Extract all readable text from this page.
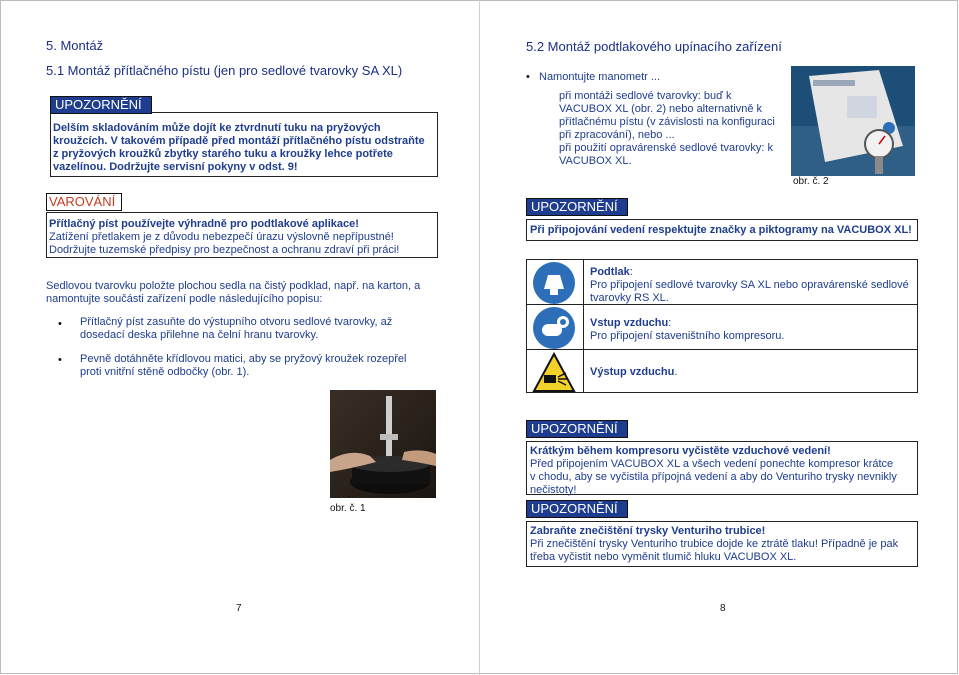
5. Montáž
5.1 Montáž přítlačného pístu (jen pro sedlové tvarovky SA XL)
UPOZORNĚNÍ
Delším skladováním může dojít ke ztvrdnutí tuku na pryžových
kroužcích. V takovém případě před montáží přítlačného pístu odstraňte
z pryžových kroužků zbytky starého tuku a kroužky lehce potřete
vazelínou. Dodržujte servisní pokyny v odst. 9!
VAROVÁNÍ
Přítlačný píst používejte výhradně pro podtlakové aplikace!
Zatížení přetlakem je z důvodu nebezpečí úrazu výslovně nepřípustné!
Dodržujte tuzemské předpisy pro bezpečnost a ochranu zdraví při práci!
Sedlovou tvarovku položte plochou sedla na čistý podklad, např. na karton, a
namontujte součásti zařízení podle následujícího popisu:
• Přítlačný píst zasuňte do výstupního otvoru sedlové tvarovky, až
dosedací deska přilehne na čelní hranu tvarovky.
• Pevně dotáhněte křídlovou matici, aby se pryžový kroužek rozepřel
proti vnitřní stěně odbočky (obr. 1).
obr. č. 1
7
5.2 Montáž podtlakového upínacího zařízení
• Namontujte manometr ...
při montáži sedlové tvarovky: buď k
VACUBOX XL (obr. 2) nebo alternativně k
přítlačnému pístu (v závislosti na konfiguraci
při zpracování), nebo ...
při použití opravárenské sedlové tvarovky: k
VACUBOX XL.
obr. č. 2
UPOZORNĚNÍ
Při připojování vedení respektujte značky a piktogramy na VACUBOX XL!
Podtlak:
Pro připojení sedlové tvarovky SA XL nebo opravárenské sedlové
tvarovky RS XL.
Vstup vzduchu:
Pro připojení staveništního kompresoru.
Výstup vzduchu.
UPOZORNĚNÍ
Krátkým během kompresoru vyčistěte vzduchové vedení!
Před připojením VACUBOX XL a všech vedení ponechte kompresor krátce
v chodu, aby se vyčistila přípojná vedení a aby do Venturiho trysky nevnikly
nečistoty!
UPOZORNĚNÍ
Zabraňte znečištění trysky Venturiho trubice!
Při znečištění trysky Venturiho trubice dojde ke ztrátě tlaku! Případně je pak
třeba vyčistit nebo vyměnit tlumič hluku VACUBOX XL.
8
